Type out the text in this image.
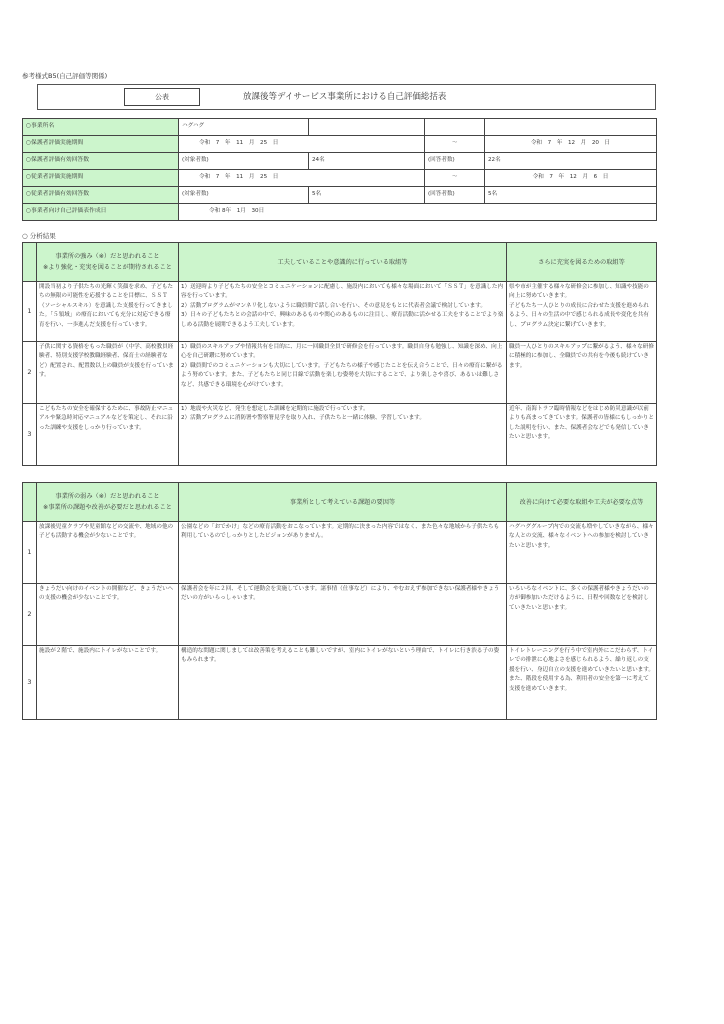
参考様式B5(自己評価等関係)
公表	放課後等デイサービス事業所における自己評価総括表
○事業所名	ハグハグ			
○保護者評価実施期間	令和　7　年　11　月　25　日		～	令和　7　年　12　月　20　日
○保護者評価有効回答数	(対象者数)	24名	(回答者数)	22名
○従業者評価実施期間	令和　7　年　11　月　25　日		～	令和　7　年　12　月　6　日
○従業者評価有効回答数	(対象者数)	5名	(回答者数)	5名
○事業者向け自己評価表作成日	令和 8年　1月　30日			
○ 分析結果
	事業所の強み（※）だと思われること
※より強化・充実を図ることが期待されること	工夫していることや意識的に行っている取組等	さらに充実を図るための取組等
1	開設当初より子供たちの光輝く笑顔を求め、子どもたちの無限の可能性を応援することを目標に、ＳＳＴ（ソーシャルスキル）を意識した支援を行ってきました。「５領域」の療育においても充分に対応できる療育を行い、一歩進んだ支援を行っています。	1）送迎時より子どもたちの安全とコミュニケーションに配慮し、施設内においても様々な場面において「ＳＳＴ」を意識した内容を行っています。
2）活動プログラムがマンネリ化しないように職員間で話し合いを行い、その意見をもとに代表者会議で検討しています。
3）日々の子どもたちとの会話の中で、興味のあるものや関心のあるものに注目し、療育活動に活かせる工夫をすることでより楽しめる活動を展開できるよう工夫しています。	県や市が主催する様々な研修会に参加し、知識や技能の向上に努めていきます。
子どもたち一人ひとりの成長に合わせた支援を進められるよう、日々の生活の中で感じられる成長や変化を共有し、プログラム決定に繋げていきます。
2	子供に関する資格をもった職員が（中学、高校教員経験者、特別支援学校教職経験者、保育士の経験者など）配置され、配置数以上の職員が支援を行っています。	1）職員のスキルアップや情報共有を目的に、月に一回職員全員で研修会を行っています。職員自身も勉強し、知識を深め、向上心を自己研鑽に努めています。
2）職員間でのコミュニケーションも大切にしています。子どもたちの様子や感じたことを伝え合うことで、日々の療育に繋がるよう努めています。また、子どもたちと同じ目線で活動を楽しむ姿勢を大切にすることで、より楽しさや喜び、あるいは難しさなど、共感できる環境を心がけています。	職員一人ひとりのスキルアップに繋がるよう、様々な研修に積極的に参加し、全職員での共有を今後も続けていきます。
3	こどもたちの安全を確保するために、事故防止マニュアルや緊急時対応マニュアルなどを策定し、それに沿った訓練や支援をしっかり行っています。	1）地震や火災など、発生を想定した訓練を定期的に施設で行っています。
2）活動プログラムに消防署や警察署見学を取り入れ、子供たちと一緒に体験、学習しています。	近年、南海トラフ臨時情報などをはじめ防災意識が以前よりも高まってきています。保護者の皆様にもしっかりとした説明を行い、また、保護者会などでも発信していきたいと思います。
	事業所の弱み（※）だと思われること
※事業所の課題や改善が必要だと思われること	事業所として考えている課題の要因等	改善に向けて必要な取組や工夫が必要な点等
1	放課後児童クラブや児童館などの交流や、地域の他の子ども活動する機会が少ないことです。	公園などの「おでかけ」などの療育活動をおこなっています。定期的に決まった内容ではなく、また色々な地域から子供たちも利用しているのでしっかりとしたビジョンがありません。	ハグハググループ内での交流も増やしていきながら、様々な人との交流、様々なイベントへの参加を検討していきたいと思います。
2	きょうだい向けのイベントの開催など、きょうだいへの支援の機会が少ないことです。	保護者会を年に２回、そして運動会を実施しています。諸事情（仕事など）により、やむおえず参加できない保護者様やきょうだいの方がいらっしゃいます。	いろいろなイベントに、多くの保護者様やきょうだいの方が御参加いただけるように、日程や回数などを検討していきたいと思います。
3	施設が２階で、施設内にトイレがないことです。	構造的な問題に関しましては改善策を考えることも難しいですが、室内にトイレがないという理由で、トイレに行き渋る子の姿もみられます。	トイレトレーニングを行う中で室内外にこだわらず、トイレでの排泄に心地よさを感じられるよう、繰り返しの支援を行い、身辺自立の支援を進めていきたいと思います。また、階段を使用する為、利用者の安全を第一に考えて支援を進めていきます。
